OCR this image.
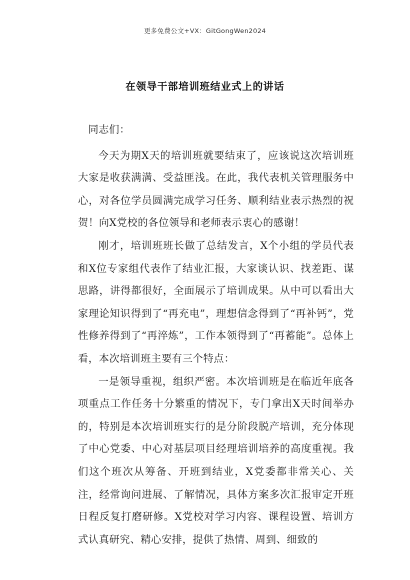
更多免费公文+VX：GitGongWen2024
在领导干部培训班结业式上的讲话

同志们：

今天为期X天的培训班就要结束了，应该说这次培训班大家是收获满满、受益匪浅。在此，我代表机关管理服务中心，对各位学员圆满完成学习任务、顺利结业表示热烈的祝贺！向X党校的各位领导和老师表示衷心的感谢！

刚才，培训班班长做了总结发言，X个小组的学员代表和X位专家组代表作了结业汇报，大家谈认识、找差距、谋思路，讲得都很好，全面展示了培训成果。从中可以看出大家理论知识得到了“再充电”，理想信念得到了“再补钙”，党性修养得到了“再淬炼”，工作本领得到了“再蓄能”。总体上看，本次培训班主要有三个特点：

一是领导重视，组织严密。本次培训班是在临近年底各项重点工作任务十分繁重的情况下，专门拿出X天时间举办的，特别是本次培训班实行的是分阶段脱产培训，充分体现了中心党委、中心对基层项目经理培训培养的高度重视。我们这个班次从筹备、开班到结业，X党委都非常关心、关注，经常询问进展、了解情况，具体方案多次汇报审定开班日程反复打磨研修。X党校对学习内容、课程设置、培训方式认真研究、精心安排，提供了热情、周到、细致的
